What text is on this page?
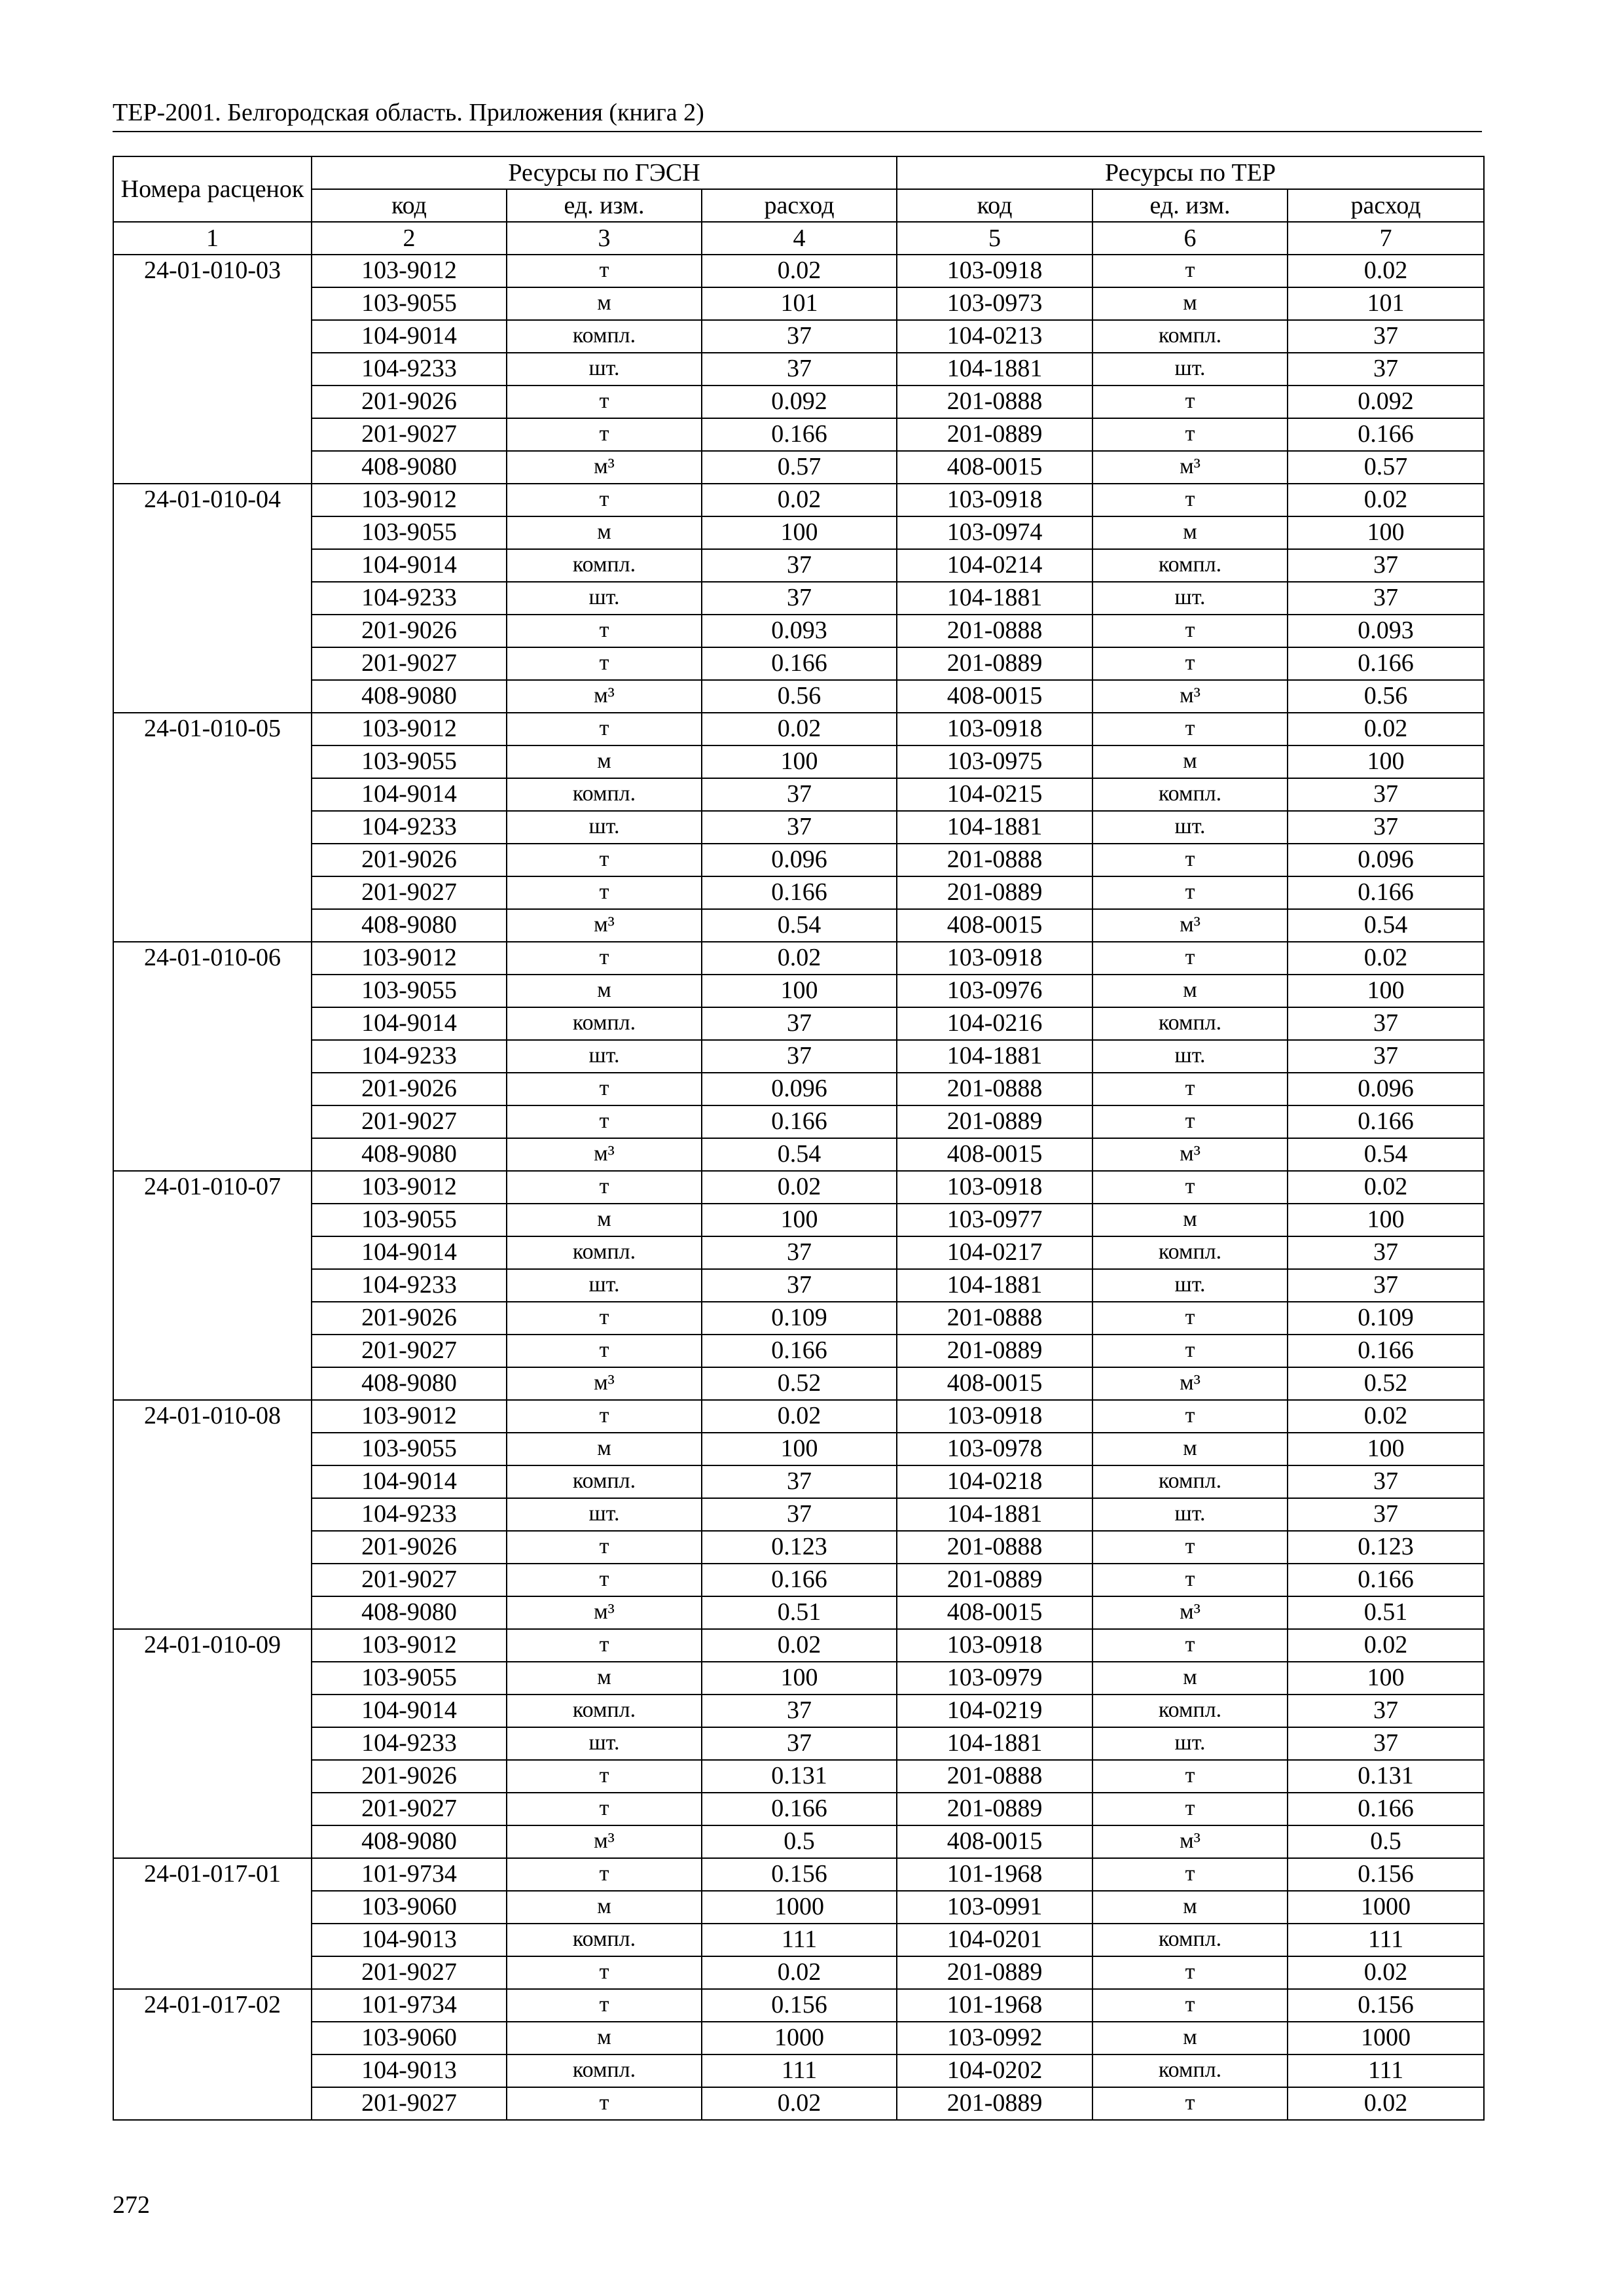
ТЕР-2001. Белгородская область. Приложения (книга 2)
Номера расценок	Ресурсы по ГЭСН			Ресурсы по ТЕР		
	код	ед. изм.	расход	код	ед. изм.	расход
1	2	3	4	5	6	7
24-01-010-03	103-9012	т	0.02	103-0918	т	0.02
	103-9055	м	101	103-0973	м	101
	104-9014	компл.	37	104-0213	компл.	37
	104-9233	шт.	37	104-1881	шт.	37
	201-9026	т	0.092	201-0888	т	0.092
	201-9027	т	0.166	201-0889	т	0.166
	408-9080	м³	0.57	408-0015	м³	0.57
24-01-010-04	103-9012	т	0.02	103-0918	т	0.02
	103-9055	м	100	103-0974	м	100
	104-9014	компл.	37	104-0214	компл.	37
	104-9233	шт.	37	104-1881	шт.	37
	201-9026	т	0.093	201-0888	т	0.093
	201-9027	т	0.166	201-0889	т	0.166
	408-9080	м³	0.56	408-0015	м³	0.56
24-01-010-05	103-9012	т	0.02	103-0918	т	0.02
	103-9055	м	100	103-0975	м	100
	104-9014	компл.	37	104-0215	компл.	37
	104-9233	шт.	37	104-1881	шт.	37
	201-9026	т	0.096	201-0888	т	0.096
	201-9027	т	0.166	201-0889	т	0.166
	408-9080	м³	0.54	408-0015	м³	0.54
24-01-010-06	103-9012	т	0.02	103-0918	т	0.02
	103-9055	м	100	103-0976	м	100
	104-9014	компл.	37	104-0216	компл.	37
	104-9233	шт.	37	104-1881	шт.	37
	201-9026	т	0.096	201-0888	т	0.096
	201-9027	т	0.166	201-0889	т	0.166
	408-9080	м³	0.54	408-0015	м³	0.54
24-01-010-07	103-9012	т	0.02	103-0918	т	0.02
	103-9055	м	100	103-0977	м	100
	104-9014	компл.	37	104-0217	компл.	37
	104-9233	шт.	37	104-1881	шт.	37
	201-9026	т	0.109	201-0888	т	0.109
	201-9027	т	0.166	201-0889	т	0.166
	408-9080	м³	0.52	408-0015	м³	0.52
24-01-010-08	103-9012	т	0.02	103-0918	т	0.02
	103-9055	м	100	103-0978	м	100
	104-9014	компл.	37	104-0218	компл.	37
	104-9233	шт.	37	104-1881	шт.	37
	201-9026	т	0.123	201-0888	т	0.123
	201-9027	т	0.166	201-0889	т	0.166
	408-9080	м³	0.51	408-0015	м³	0.51
24-01-010-09	103-9012	т	0.02	103-0918	т	0.02
	103-9055	м	100	103-0979	м	100
	104-9014	компл.	37	104-0219	компл.	37
	104-9233	шт.	37	104-1881	шт.	37
	201-9026	т	0.131	201-0888	т	0.131
	201-9027	т	0.166	201-0889	т	0.166
	408-9080	м³	0.5	408-0015	м³	0.5
24-01-017-01	101-9734	т	0.156	101-1968	т	0.156
	103-9060	м	1000	103-0991	м	1000
	104-9013	компл.	111	104-0201	компл.	111
	201-9027	т	0.02	201-0889	т	0.02
24-01-017-02	101-9734	т	0.156	101-1968	т	0.156
	103-9060	м	1000	103-0992	м	1000
	104-9013	компл.	111	104-0202	компл.	111
	201-9027	т	0.02	201-0889	т	0.02
272
